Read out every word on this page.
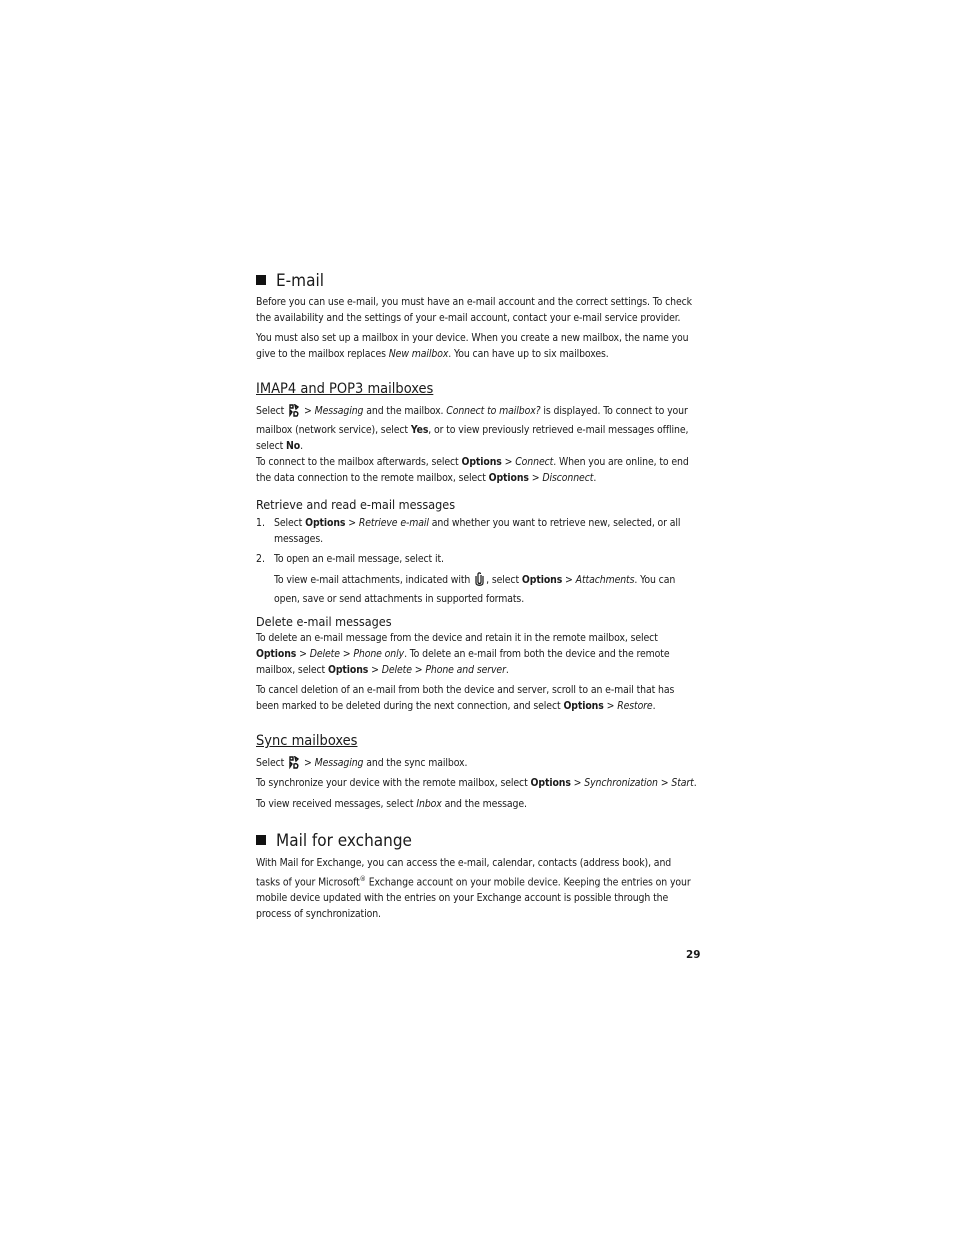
E-mail

Before you can use e-mail, you must have an e-mail account and the correct settings. To check the availability and the settings of your e-mail account, contact your e-mail service provider.

You must also set up a mailbox in your device. When you create a new mailbox, the name you give to the mailbox replaces New mailbox. You can have up to six mailboxes.

IMAP4 and POP3 mailboxes

Select  > Messaging and the mailbox. Connect to mailbox? is displayed. To connect to your mailbox (network service), select Yes, or to view previously retrieved e-mail messages offline, select No.

To connect to the mailbox afterwards, select Options > Connect. When you are online, to end the data connection to the remote mailbox, select Options > Disconnect.

Retrieve and read e-mail messages
1. Select Options > Retrieve e-mail and whether you want to retrieve new, selected, or all messages.

2. To open an e-mail message, select it.

To view e-mail attachments, indicated with , select Options > Attachments. You can open, save or send attachments in supported formats.

Delete e-mail messages

To delete an e-mail message from the device and retain it in the remote mailbox, select Options > Delete > Phone only. To delete an e-mail from both the device and the remote mailbox, select Options > Delete > Phone and server.

To cancel deletion of an e-mail from both the device and server, scroll to an e-mail that has been marked to be deleted during the next connection, and select Options > Restore.

Sync mailboxes

Select  > Messaging and the sync mailbox.

To synchronize your device with the remote mailbox, select Options > Synchronization > Start.

To view received messages, select Inbox and the message.

Mail for exchange

With Mail for Exchange, you can access the e-mail, calendar, contacts (address book), and tasks of your Microsoft® Exchange account on your mobile device. Keeping the entries on your mobile device updated with the entries on your Exchange account is possible through the process of synchronization.

29
